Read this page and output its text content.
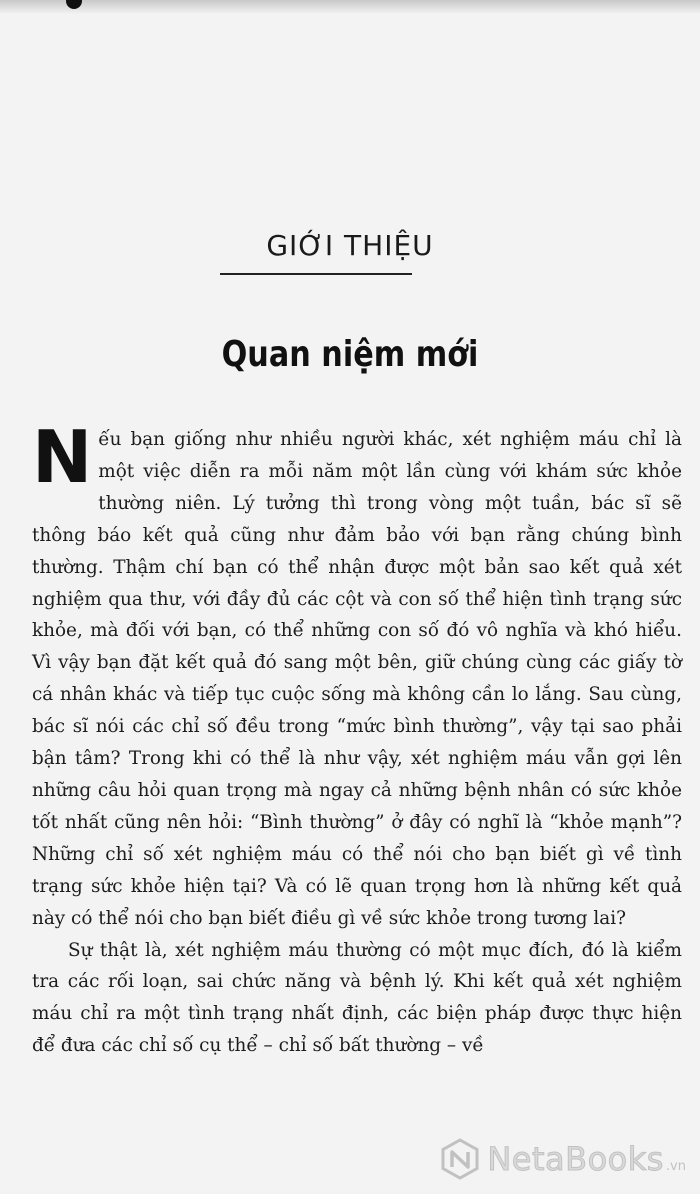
GIỚI THIỆU
Quan niệm mới

Nếu bạn giống như nhiều người khác, xét nghiệm máu chỉ là một việc diễn ra mỗi năm một lần cùng với khám sức khỏe thường niên. Lý tưởng thì trong vòng một tuần, bác sĩ sẽ thông báo kết quả cũng như đảm bảo với bạn rằng chúng bình thường. Thậm chí bạn có thể nhận được một bản sao kết quả xét nghiệm qua thư, với đầy đủ các cột và con số thể hiện tình trạng sức khỏe, mà đối với bạn, có thể những con số đó vô nghĩa và khó hiểu. Vì vậy bạn đặt kết quả đó sang một bên, giữ chúng cùng các giấy tờ cá nhân khác và tiếp tục cuộc sống mà không cần lo lắng. Sau cùng, bác sĩ nói các chỉ số đều trong “mức bình thường”, vậy tại sao phải bận tâm? Trong khi có thể là như vậy, xét nghiệm máu vẫn gợi lên những câu hỏi quan trọng mà ngay cả những bệnh nhân có sức khỏe tốt nhất cũng nên hỏi: “Bình thường” ở đây có nghĩ là “khỏe mạnh”? Những chỉ số xét nghiệm máu có thể nói cho bạn biết gì về tình trạng sức khỏe hiện tại? Và có lẽ quan trọng hơn là những kết quả này có thể nói cho bạn biết điều gì về sức khỏe trong tương lai?

Sự thật là, xét nghiệm máu thường có một mục đích, đó là kiểm tra các rối loạn, sai chức năng và bệnh lý. Khi kết quả xét nghiệm máu chỉ ra một tình trạng nhất định, các biện pháp được thực hiện để đưa các chỉ số cụ thể – chỉ số bất thường – về

NetaBooks .vn
